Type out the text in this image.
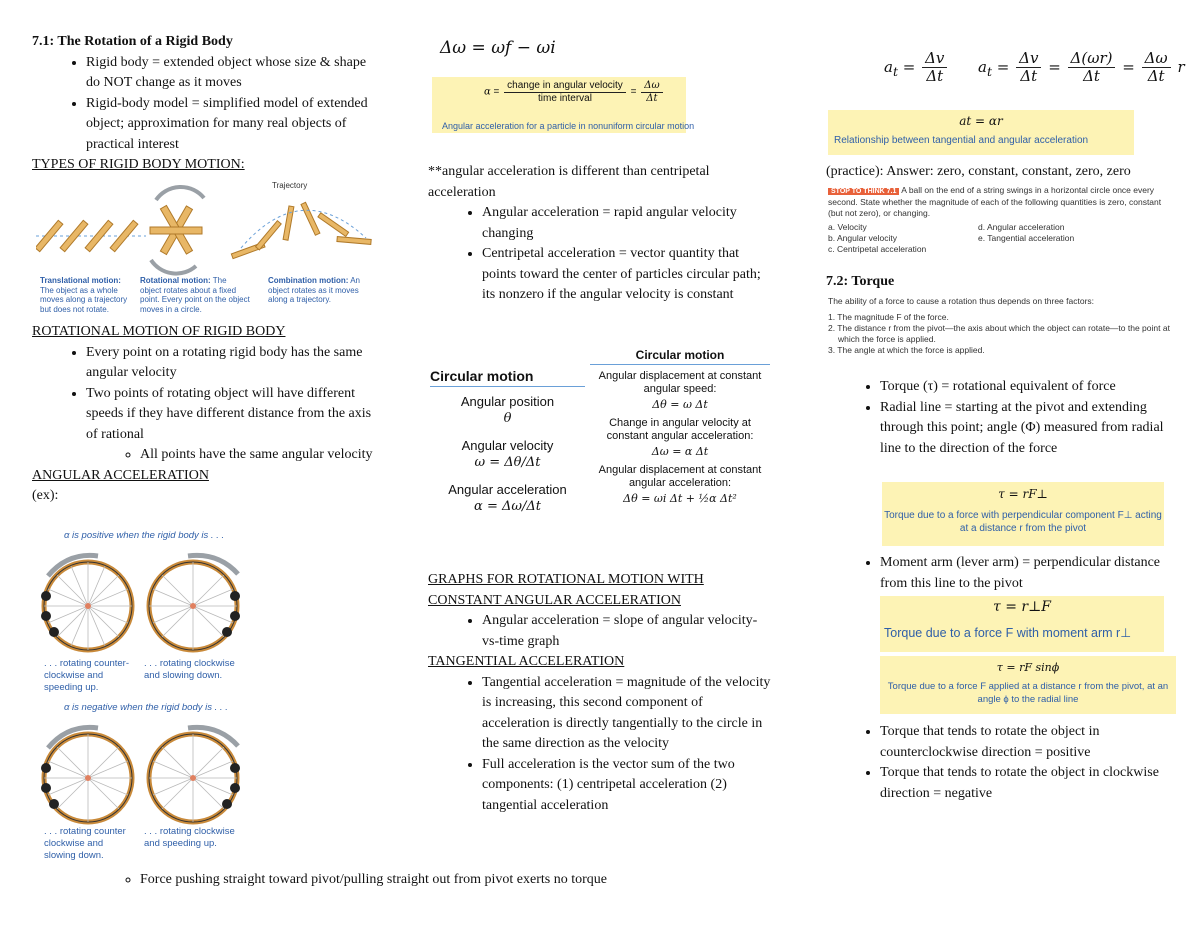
7.1: The Rotation of a Rigid Body
• Rigid body = extended object whose size & shape do NOT change as it moves
• Rigid-body model = simplified model of extended object; approximation for many real objects of practical interest
TYPES OF RIGID BODY MOTION:
Trajectory
Translational motion: The object as a whole moves along a trajectory but does not rotate.
Rotational motion: The object rotates about a fixed point. Every point on the object moves in a circle.
Combination motion: An object rotates as it moves along a trajectory.
ROTATIONAL MOTION OF RIGID BODY
• Every point on a rotating rigid body has the same angular velocity
• Two points of rotating object will have different speeds if they have different distance from the axis of rational
◦ All points have the same angular velocity
ANGULAR ACCELERATION
(ex):
α is positive when the rigid body is . . .
. . . rotating counter-clockwise and speeding up.
. . . rotating clockwise and slowing down.
α is negative when the rigid body is . . .
. . . rotating counter clockwise and slowing down.
. . . rotating clockwise and speeding up.
◦ Force pushing straight toward pivot/pulling straight out from pivot exerts no torque
Δω = ωf − ωi
$\alpha = \frac{\text{change in angular velocity}}{\text{time interval}} = \frac{\Delta\omega}{\Delta t}$
Angular acceleration for a particle in nonuniform circular motion
**angular acceleration is different than centripetal acceleration
• Angular acceleration = rapid angular velocity changing
• Centripetal acceleration = vector quantity that points toward the center of particles circular path; its nonzero if the angular velocity is constant
Circular motion
Angular position
θ
Angular velocity
ω = Δθ/Δt
Angular acceleration
α = Δω/Δt
Circular motion
Angular displacement at constant angular speed:
Δθ = ω Δt
Change in angular velocity at constant angular acceleration:
Δω = α Δt
Angular displacement at constant angular acceleration:
Δθ = ωi Δt + ½α Δt²
GRAPHS FOR ROTATIONAL MOTION WITH CONSTANT ANGULAR ACCELERATION
• Angular acceleration = slope of angular velocity-vs-time graph
TANGENTIAL ACCELERATION
• Tangential acceleration = magnitude of the velocity is increasing, this second component of acceleration is directly tangentially to the circle in the same direction as the velocity
• Full acceleration is the vector sum of the two components: (1) centripetal acceleration (2) tangential acceleration
$a_t = \frac{\Delta v}{\Delta t} a_t = \frac{\Delta v}{\Delta t} = \frac{\Delta(\omega r)}{\Delta t} = \frac{\Delta\omega}{\Delta t}$ r
at = αr
Relationship between tangential and angular acceleration
(practice): Answer: zero, constant, constant, zero, zero
STOP TO THINK 7.1 A ball on the end of a string swings in a horizontal circle once every second. State whether the magnitude of each of the following quantities is zero, constant (but not zero), or changing.
a. Velocity	d. Angular acceleration
b. Angular velocity	e. Tangential acceleration
c. Centripetal acceleration
7.2: Torque
The ability of a force to cause a rotation thus depends on three factors:
1. The magnitude F of the force.
2. The distance r from the pivot—the axis about which the object can rotate—to the point at which the force is applied.
3. The angle at which the force is applied.
• Torque (τ) = rotational equivalent of force
• Radial line = starting at the pivot and extending through this point; angle (Φ) measured from radial line to the direction of the force
τ = rF⊥
Torque due to a force with perpendicular component F⊥ acting at a distance r from the pivot
• Moment arm (lever arm) = perpendicular distance from this line to the pivot
τ = r⊥F
Torque due to a force F with moment arm r⊥
τ = rF sinϕ
Torque due to a force F applied at a distance r from the pivot, at an angle ϕ to the radial line
• Torque that tends to rotate the object in counterclockwise direction = positive
• Torque that tends to rotate the object in clockwise direction = negative
